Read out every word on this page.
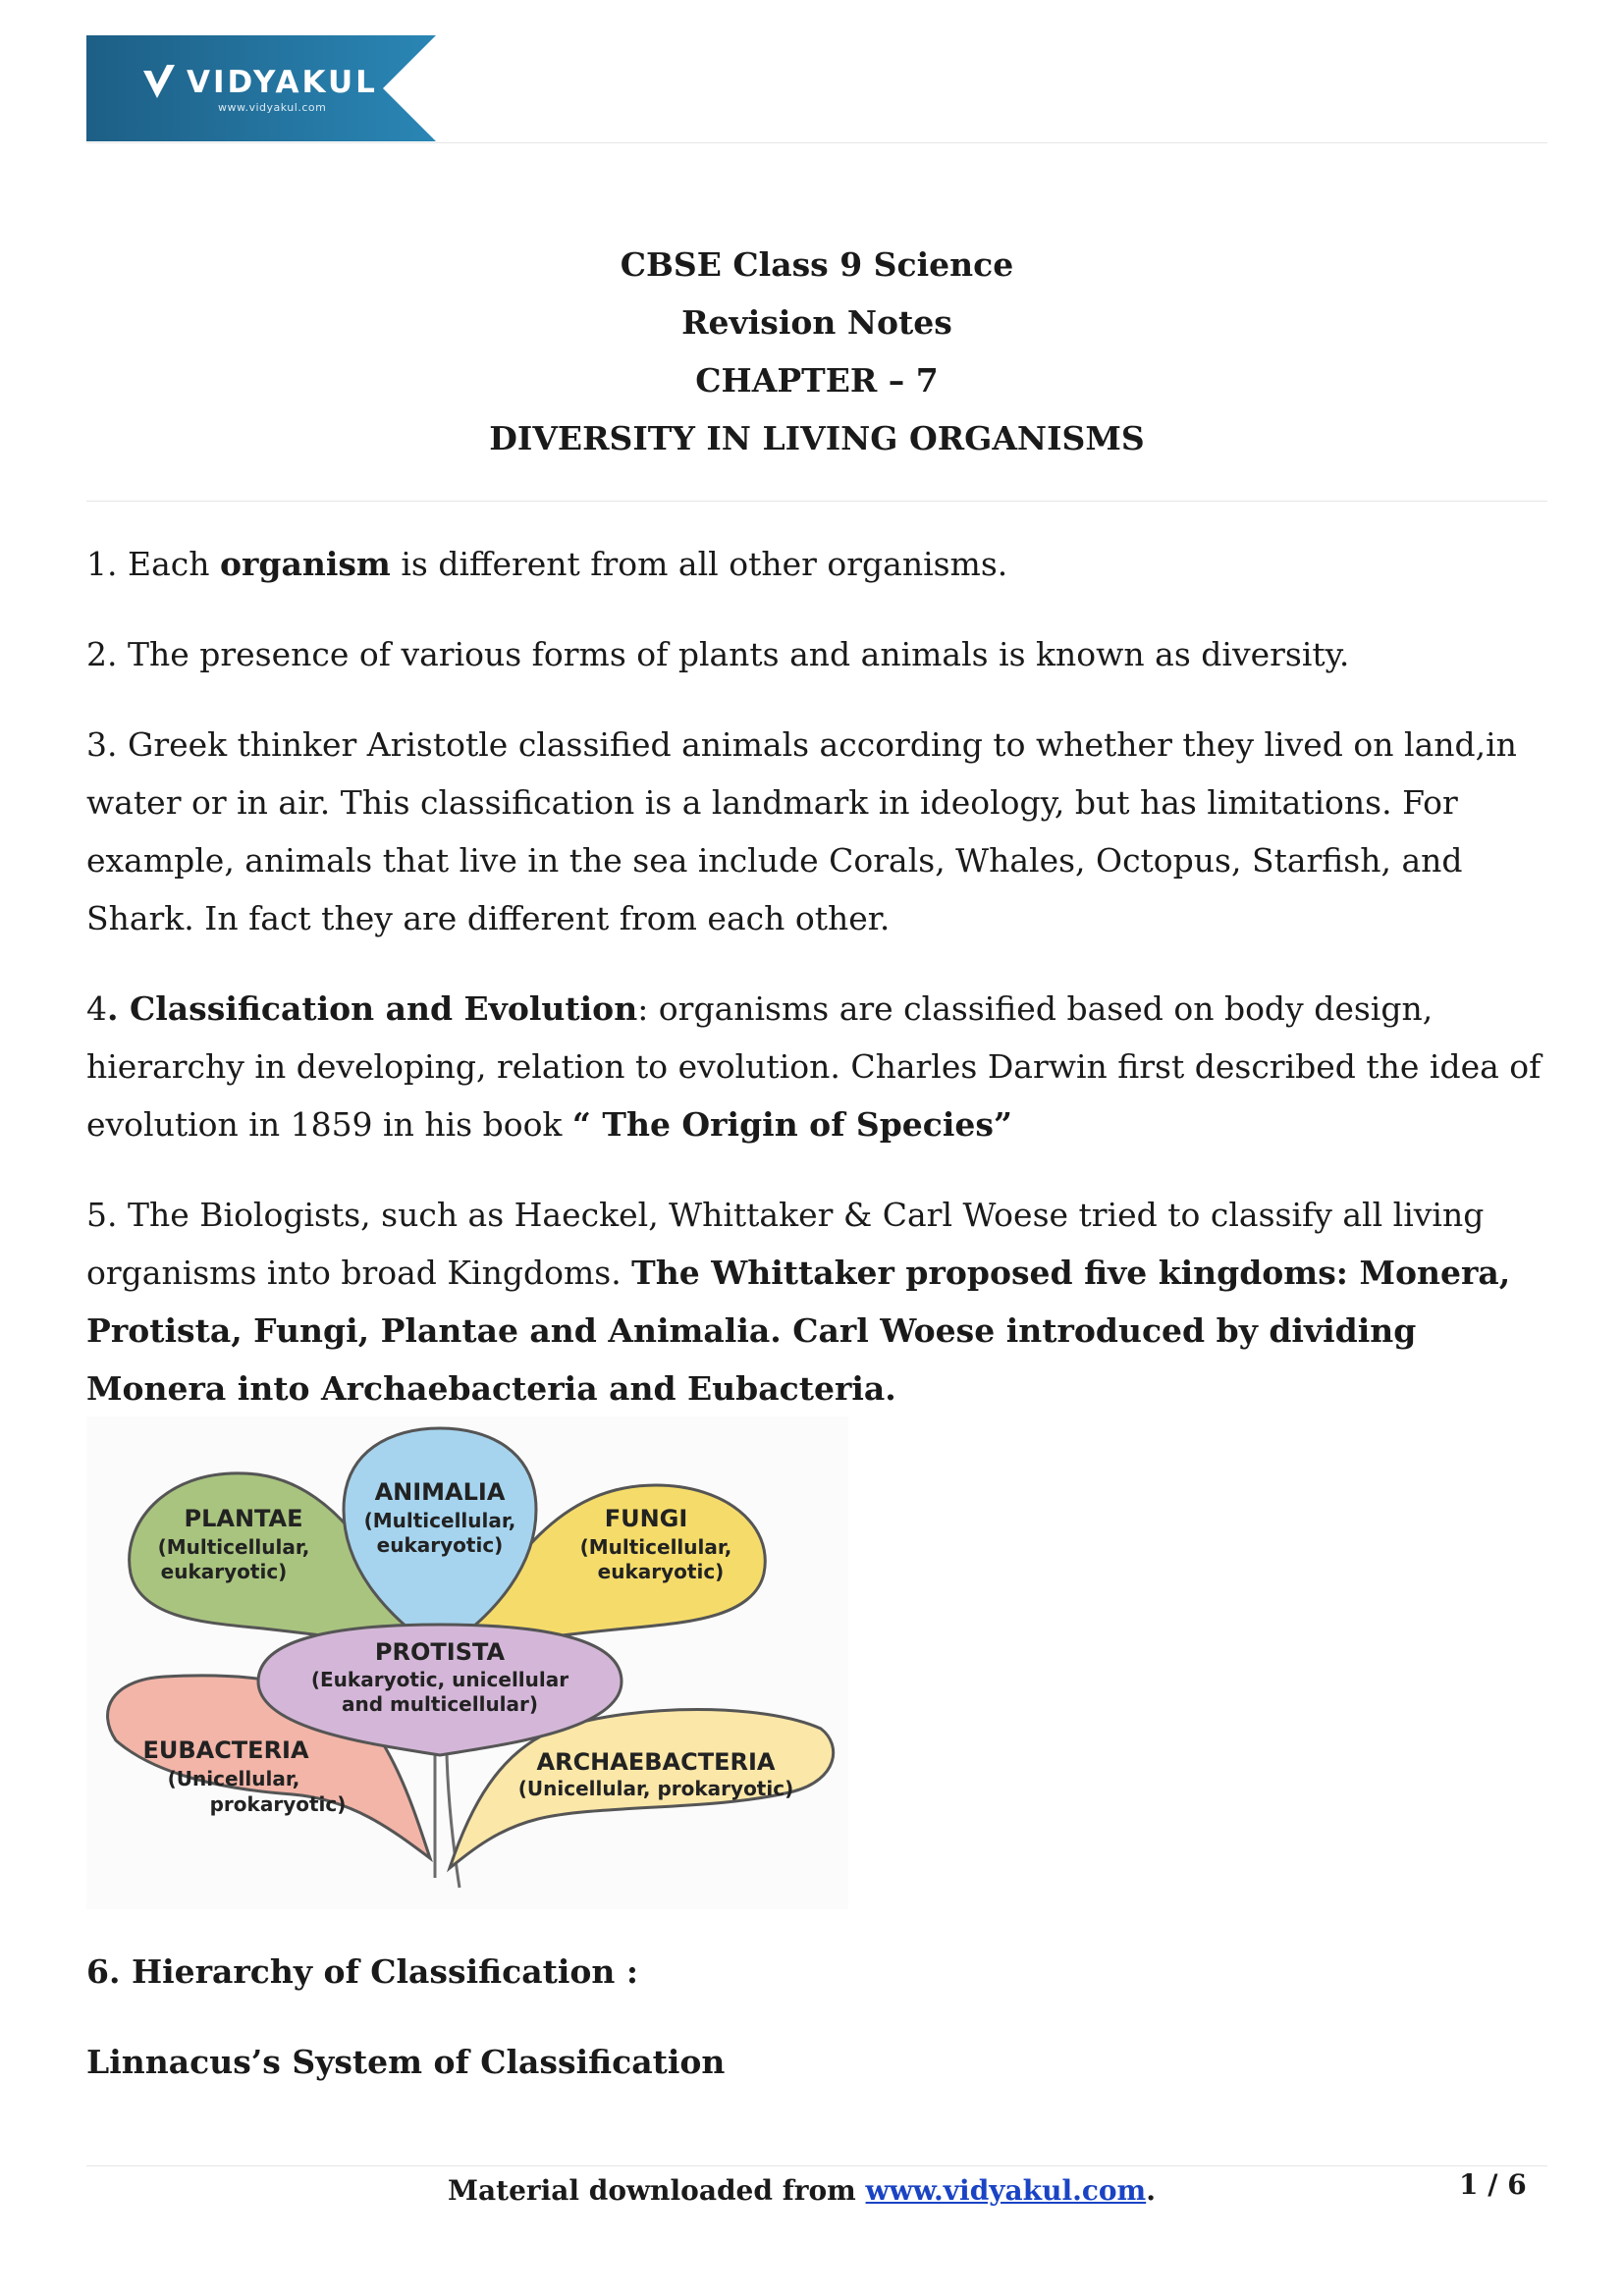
VIDYAKUL
www.vidyakul.com
CBSE Class 9 Science
Revision Notes
CHAPTER – 7
DIVERSITY IN LIVING ORGANISMS

1. Each organism is different from all other organisms.

2. The presence of various forms of plants and animals is known as diversity.

3. Greek thinker Aristotle classified animals according to whether they lived on land,in water or in air. This classification is a landmark in ideology, but has limitations. For example, animals that live in the sea include Corals, Whales, Octopus, Starfish, and Shark. In fact they are different from each other.

4. Classification and Evolution: organisms are classified based on body design, hierarchy in developing, relation to evolution. Charles Darwin first described the idea of evolution in 1859 in his book “ The Origin of Species”

5. The Biologists, such as Haeckel, Whittaker & Carl Woese tried to classify all living organisms into broad Kingdoms. The Whittaker proposed five kingdoms: Monera, Protista, Fungi, Plantae and Animalia. Carl Woese introduced by dividing Monera into Archaebacteria and Eubacteria.

PLANTAE
(Multicellular,
eukaryotic)
ANIMALIA
(Multicellular,
eukaryotic)
FUNGI
(Multicellular,
eukaryotic)
PROTISTA
(Eukaryotic, unicellular
and multicellular)
EUBACTERIA
(Unicellular,
prokaryotic)
ARCHAEBACTERIA
(Unicellular, prokaryotic)

6. Hierarchy of Classification :

Linnacus’s System of Classification

Material downloaded from www.vidyakul.com.	1 / 6
